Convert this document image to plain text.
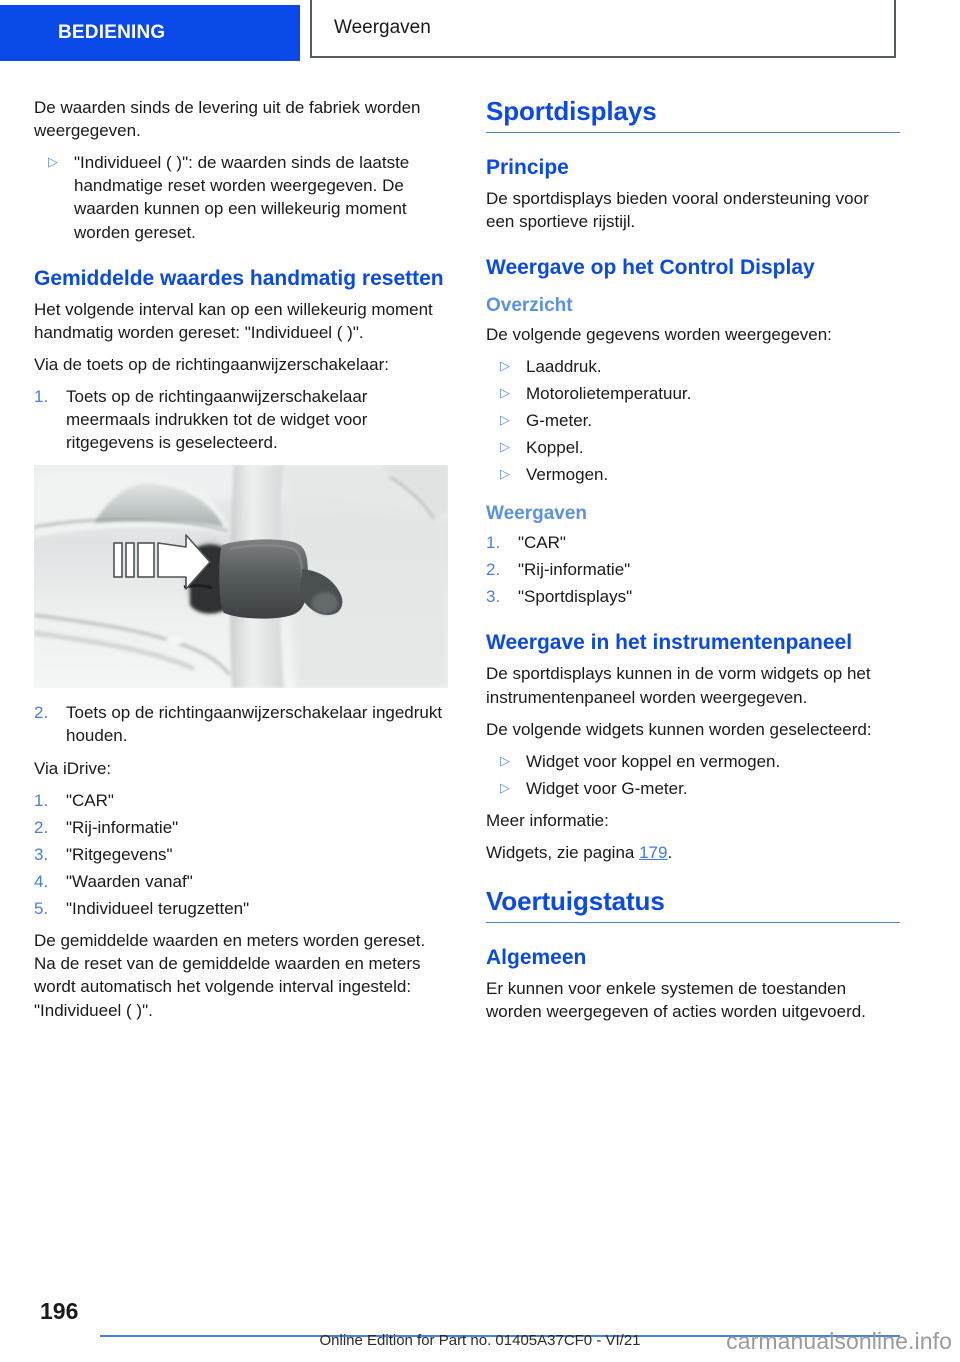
BEDIENING	Weergaven

De waarden sinds de levering uit de fabriek worden weergegeven.

▷ "Individueel ( )": de waarden sinds de laatste handmatige reset worden weergegeven. De waarden kunnen op een willekeurig moment worden gereset.
Gemiddelde waardes handmatig resetten

Het volgende interval kan op een willekeurig moment handmatig worden gereset: "Individueel ( )".

Via de toets op de richtingaanwijzerschakelaar:

1.	Toets op de richtingaanwijzerschakelaar meermaals indrukken tot de widget voor ritgegevens is geselecteerd.
2.	Toets op de richtingaanwijzerschakelaar ingedrukt houden.

Via iDrive:

1.	"CAR"
2.	"Rij-informatie"
3.	"Ritgegevens"
4.	"Waarden vanaf"
5.	"Individueel terugzetten"

De gemiddelde waarden en meters worden gereset. Na de reset van de gemiddelde waarden en meters wordt automatisch het volgende interval ingesteld: "Individueel ( )".

Sportdisplays
Principe

De sportdisplays bieden vooral ondersteuning voor een sportieve rijstijl.

Weergave op het Control Display
Overzicht

De volgende gegevens worden weergegeven:

▷ Laaddruk.
▷ Motorolietemperatuur.
▷ G-meter.
▷ Koppel.
▷ Vermogen.
Weergaven
1.	"CAR"
2.	"Rij-informatie"
3.	"Sportdisplays"
Weergave in het instrumentenpaneel

De sportdisplays kunnen in de vorm widgets op het instrumentenpaneel worden weergegeven.

De volgende widgets kunnen worden geselecteerd:

▷ Widget voor koppel en vermogen.
▷ Widget voor G-meter.

Meer informatie:

Widgets, zie pagina 179.

Voertuigstatus
Algemeen

Er kunnen voor enkele systemen de toestanden worden weergegeven of acties worden uitgevoerd.

196
Online Edition for Part no. 01405A37CF0 - VI/21	carmanualsonline.info
